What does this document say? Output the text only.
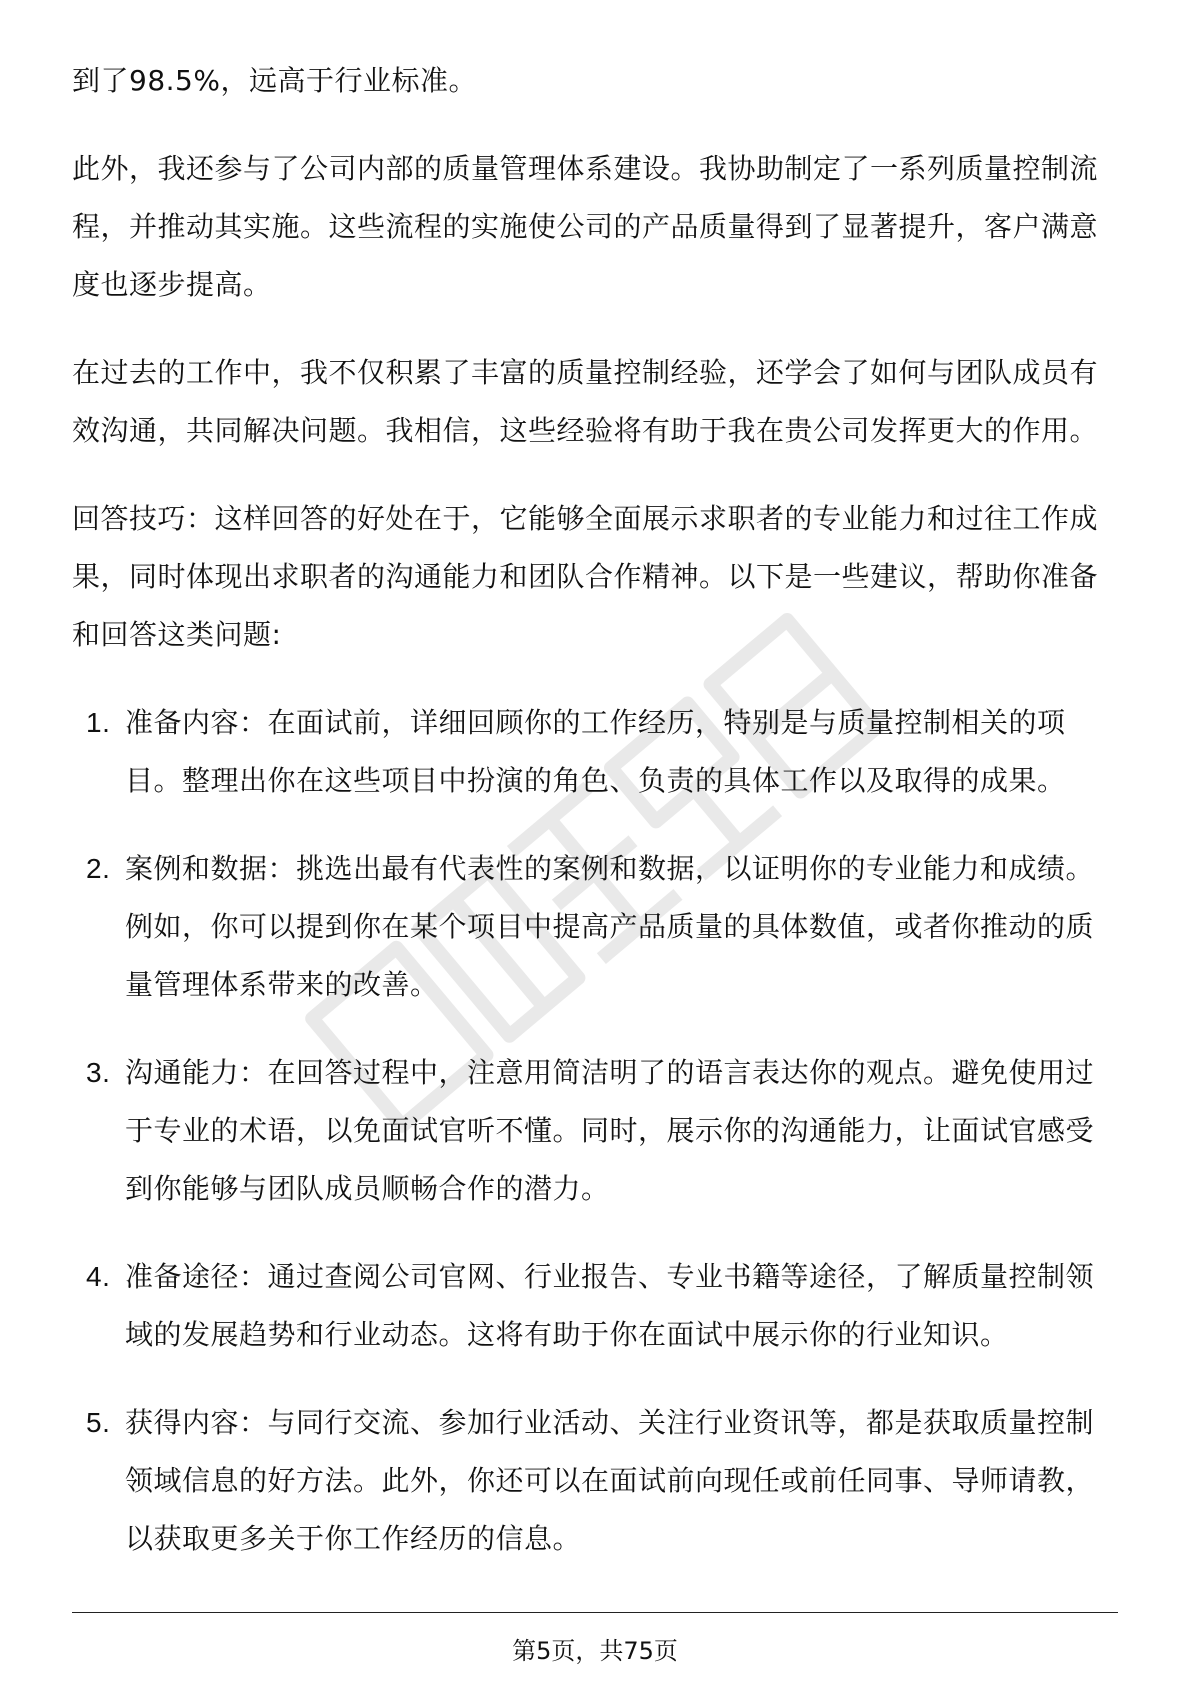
到了98.5%，远高于行业标准。

此外，我还参与了公司内部的质量管理体系建设。我协助制定了一系列质量控制流程，并推动其实施。这些流程的实施使公司的产品质量得到了显著提升，客户满意度也逐步提高。

在过去的工作中，我不仅积累了丰富的质量控制经验，还学会了如何与团队成员有效沟通，共同解决问题。我相信，这些经验将有助于我在贵公司发挥更大的作用。

回答技巧：这样回答的好处在于，它能够全面展示求职者的专业能力和过往工作成果，同时体现出求职者的沟通能力和团队合作精神。以下是一些建议，帮助你准备和回答这类问题:

1. 准备内容：在面试前，详细回顾你的工作经历，特别是与质量控制相关的项目。整理出你在这些项目中扮演的角色、负责的具体工作以及取得的成果。
2. 案例和数据：挑选出最有代表性的案例和数据，以证明你的专业能力和成绩。例如，你可以提到你在某个项目中提高产品质量的具体数值，或者你推动的质量管理体系带来的改善。
3. 沟通能力：在回答过程中，注意用简洁明了的语言表达你的观点。避免使用过于专业的术语，以免面试官听不懂。同时，展示你的沟通能力，让面试官感受到你能够与团队成员顺畅合作的潜力。
4. 准备途径：通过查阅公司官网、行业报告、专业书籍等途径，了解质量控制领域的发展趋势和行业动态。这将有助于你在面试中展示你的行业知识。
5. 获得内容：与同行交流、参加行业活动、关注行业资讯等，都是获取质量控制领域信息的好方法。此外，你还可以在面试前向现任或前任同事、导师请教，以获取更多关于你工作经历的信息。
第5页，共75页
